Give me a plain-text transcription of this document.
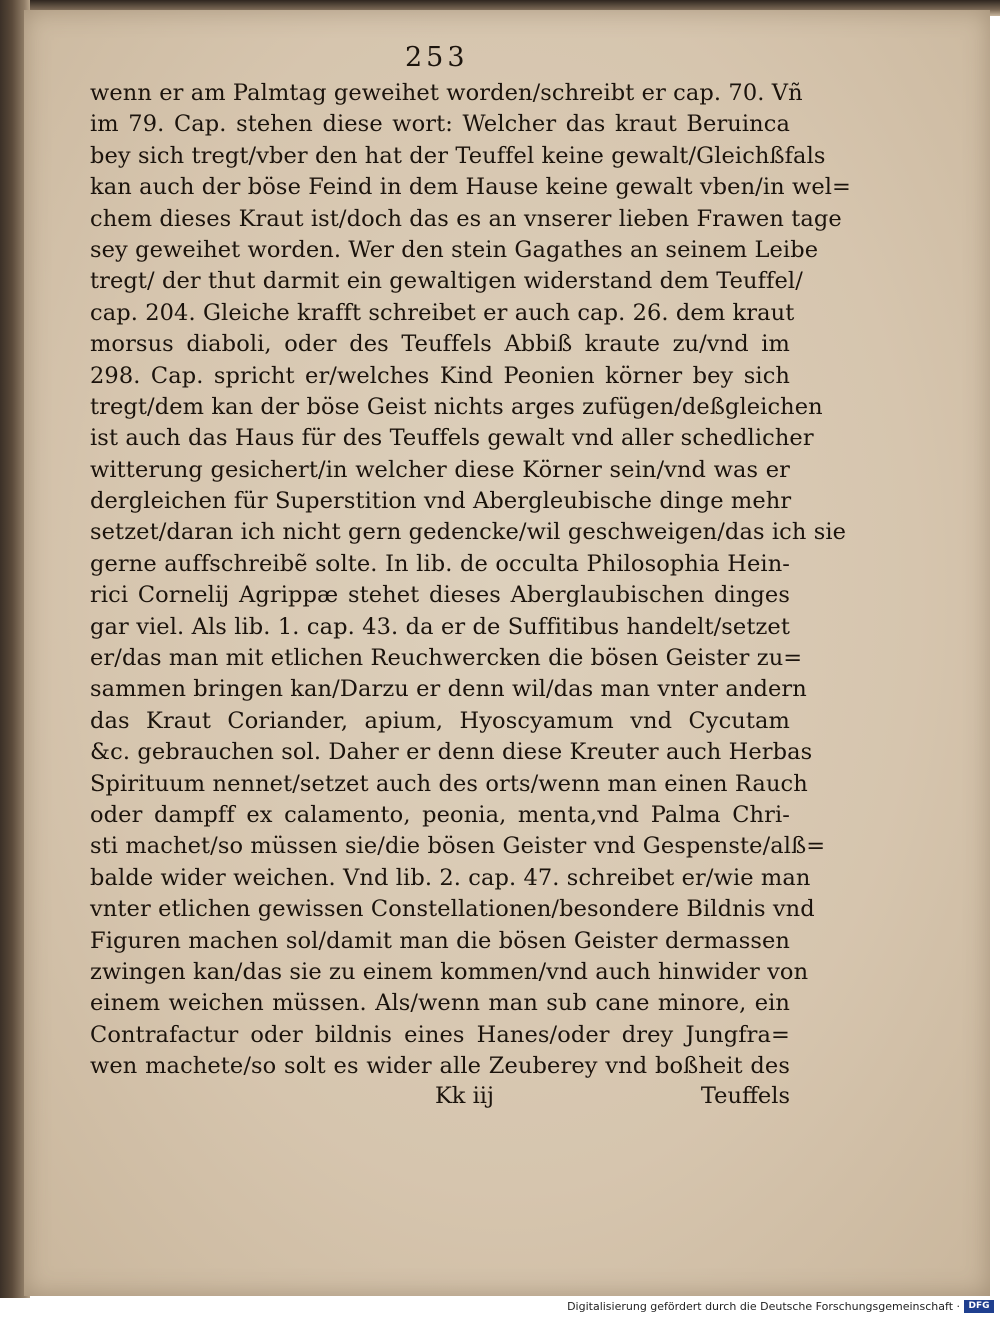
253
wenn er am Palmtag geweihet worden/schreibt er cap. 70. Vñ
im 79. Cap. stehen diese wort: Welcher das kraut Beruinca
bey sich tregt/vber den hat der Teuffel keine gewalt/Gleichßfals
kan auch der böse Feind in dem Hause keine gewalt vben/in wel=
chem dieses Kraut ist/doch das es an vnserer lieben Frawen tage
sey geweihet worden. Wer den stein Gagathes an seinem Leibe
tregt/ der thut darmit ein gewaltigen widerstand dem Teuffel/
cap. 204. Gleiche krafft schreibet er auch cap. 26. dem kraut
morsus diaboli, oder des Teuffels Abbiß kraute zu/vnd im
298. Cap. spricht er/welches Kind Peonien körner bey sich
tregt/dem kan der böse Geist nichts arges zufügen/deßgleichen
ist auch das Haus für des Teuffels gewalt vnd aller schedlicher
witterung gesichert/in welcher diese Körner sein/vnd was er
dergleichen für Superstition vnd Abergleubische dinge mehr
setzet/daran ich nicht gern gedencke/wil geschweigen/das ich sie
gerne auffschreibẽ solte. In lib. de occulta Philosophia Hein-
rici Cornelij Agrippæ stehet dieses Aberglaubischen dinges
gar viel. Als lib. 1. cap. 43. da er de Suffitibus handelt/setzet
er/das man mit etlichen Reuchwercken die bösen Geister zu=
sammen bringen kan/Darzu er denn wil/das man vnter andern
das Kraut Coriander, apium, Hyoscyamum vnd Cycutam
&c. gebrauchen sol. Daher er denn diese Kreuter auch Herbas
Spirituum nennet/setzet auch des orts/wenn man einen Rauch
oder dampff ex calamento, peonia, menta,vnd Palma Chri-
sti machet/so müssen sie/die bösen Geister vnd Gespenste/alß=
balde wider weichen. Vnd lib. 2. cap. 47. schreibet er/wie man
vnter etlichen gewissen Constellationen/besondere Bildnis vnd
Figuren machen sol/damit man die bösen Geister dermassen
zwingen kan/das sie zu einem kommen/vnd auch hinwider von
einem weichen müssen. Als/wenn man sub cane minore, ein
Contrafactur oder bildnis eines Hanes/oder drey Jungfra=
wen machete/so solt es wider alle Zeuberey vnd boßheit des
Kk iij	Teuffels
Digitalisierung gefördert durch die Deutsche Forschungsgemeinschaft · DFG
